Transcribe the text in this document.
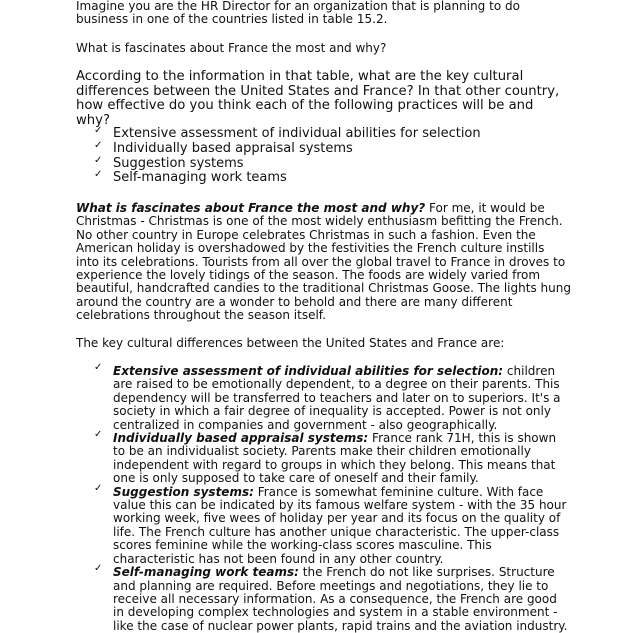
Imagine you are the HR Director for an organization that is planning to do business in one of the countries listed in table 15.2.

What is fascinates about France the most and why?

According to the information in that table, what are the key cultural differences between the United States and France? In that other country, how effective do you think each of the following practices will be and why?

✓ Extensive assessment of individual abilities for selection
✓ Individually based appraisal systems
✓ Suggestion systems
✓ Self-managing work teams

What is fascinates about France the most and why? For me, it would be Christmas - Christmas is one of the most widely enthusiasm befitting the French. No other country in Europe celebrates Christmas in such a fashion. Even the American holiday is overshadowed by the festivities the French culture instills into its celebrations. Tourists from all over the global travel to France in droves to experience the lovely tidings of the season. The foods are widely varied from beautiful, handcrafted candies to the traditional Christmas Goose. The lights hung around the country are a wonder to behold and there are many different celebrations throughout the season itself.

The key cultural differences between the United States and France are:

✓ Extensive assessment of individual abilities for selection: children are raised to be emotionally dependent, to a degree on their parents. This dependency will be transferred to teachers and later on to superiors. It's a society in which a fair degree of inequality is accepted. Power is not only centralized in companies and government - also geographically.
✓ Individually based appraisal systems: France rank 71H, this is shown to be an individualist society. Parents make their children emotionally independent with regard to groups in which they belong. This means that one is only supposed to take care of oneself and their family.
✓ Suggestion systems: France is somewhat feminine culture. With face value this can be indicated by its famous welfare system - with the 35 hour working week, five wees of holiday per year and its focus on the quality of life. The French culture has another unique characteristic. The upper-class scores feminine while the working-class scores masculine. This characteristic has not been found in any other country.
✓ Self-managing work teams: the French do not like surprises. Structure and planning are required. Before meetings and negotiations, they lie to receive all necessary information. As a consequence, the French are good in developing complex technologies and system in a stable environment - like the case of nuclear power plants, rapid trains and the aviation industry.
